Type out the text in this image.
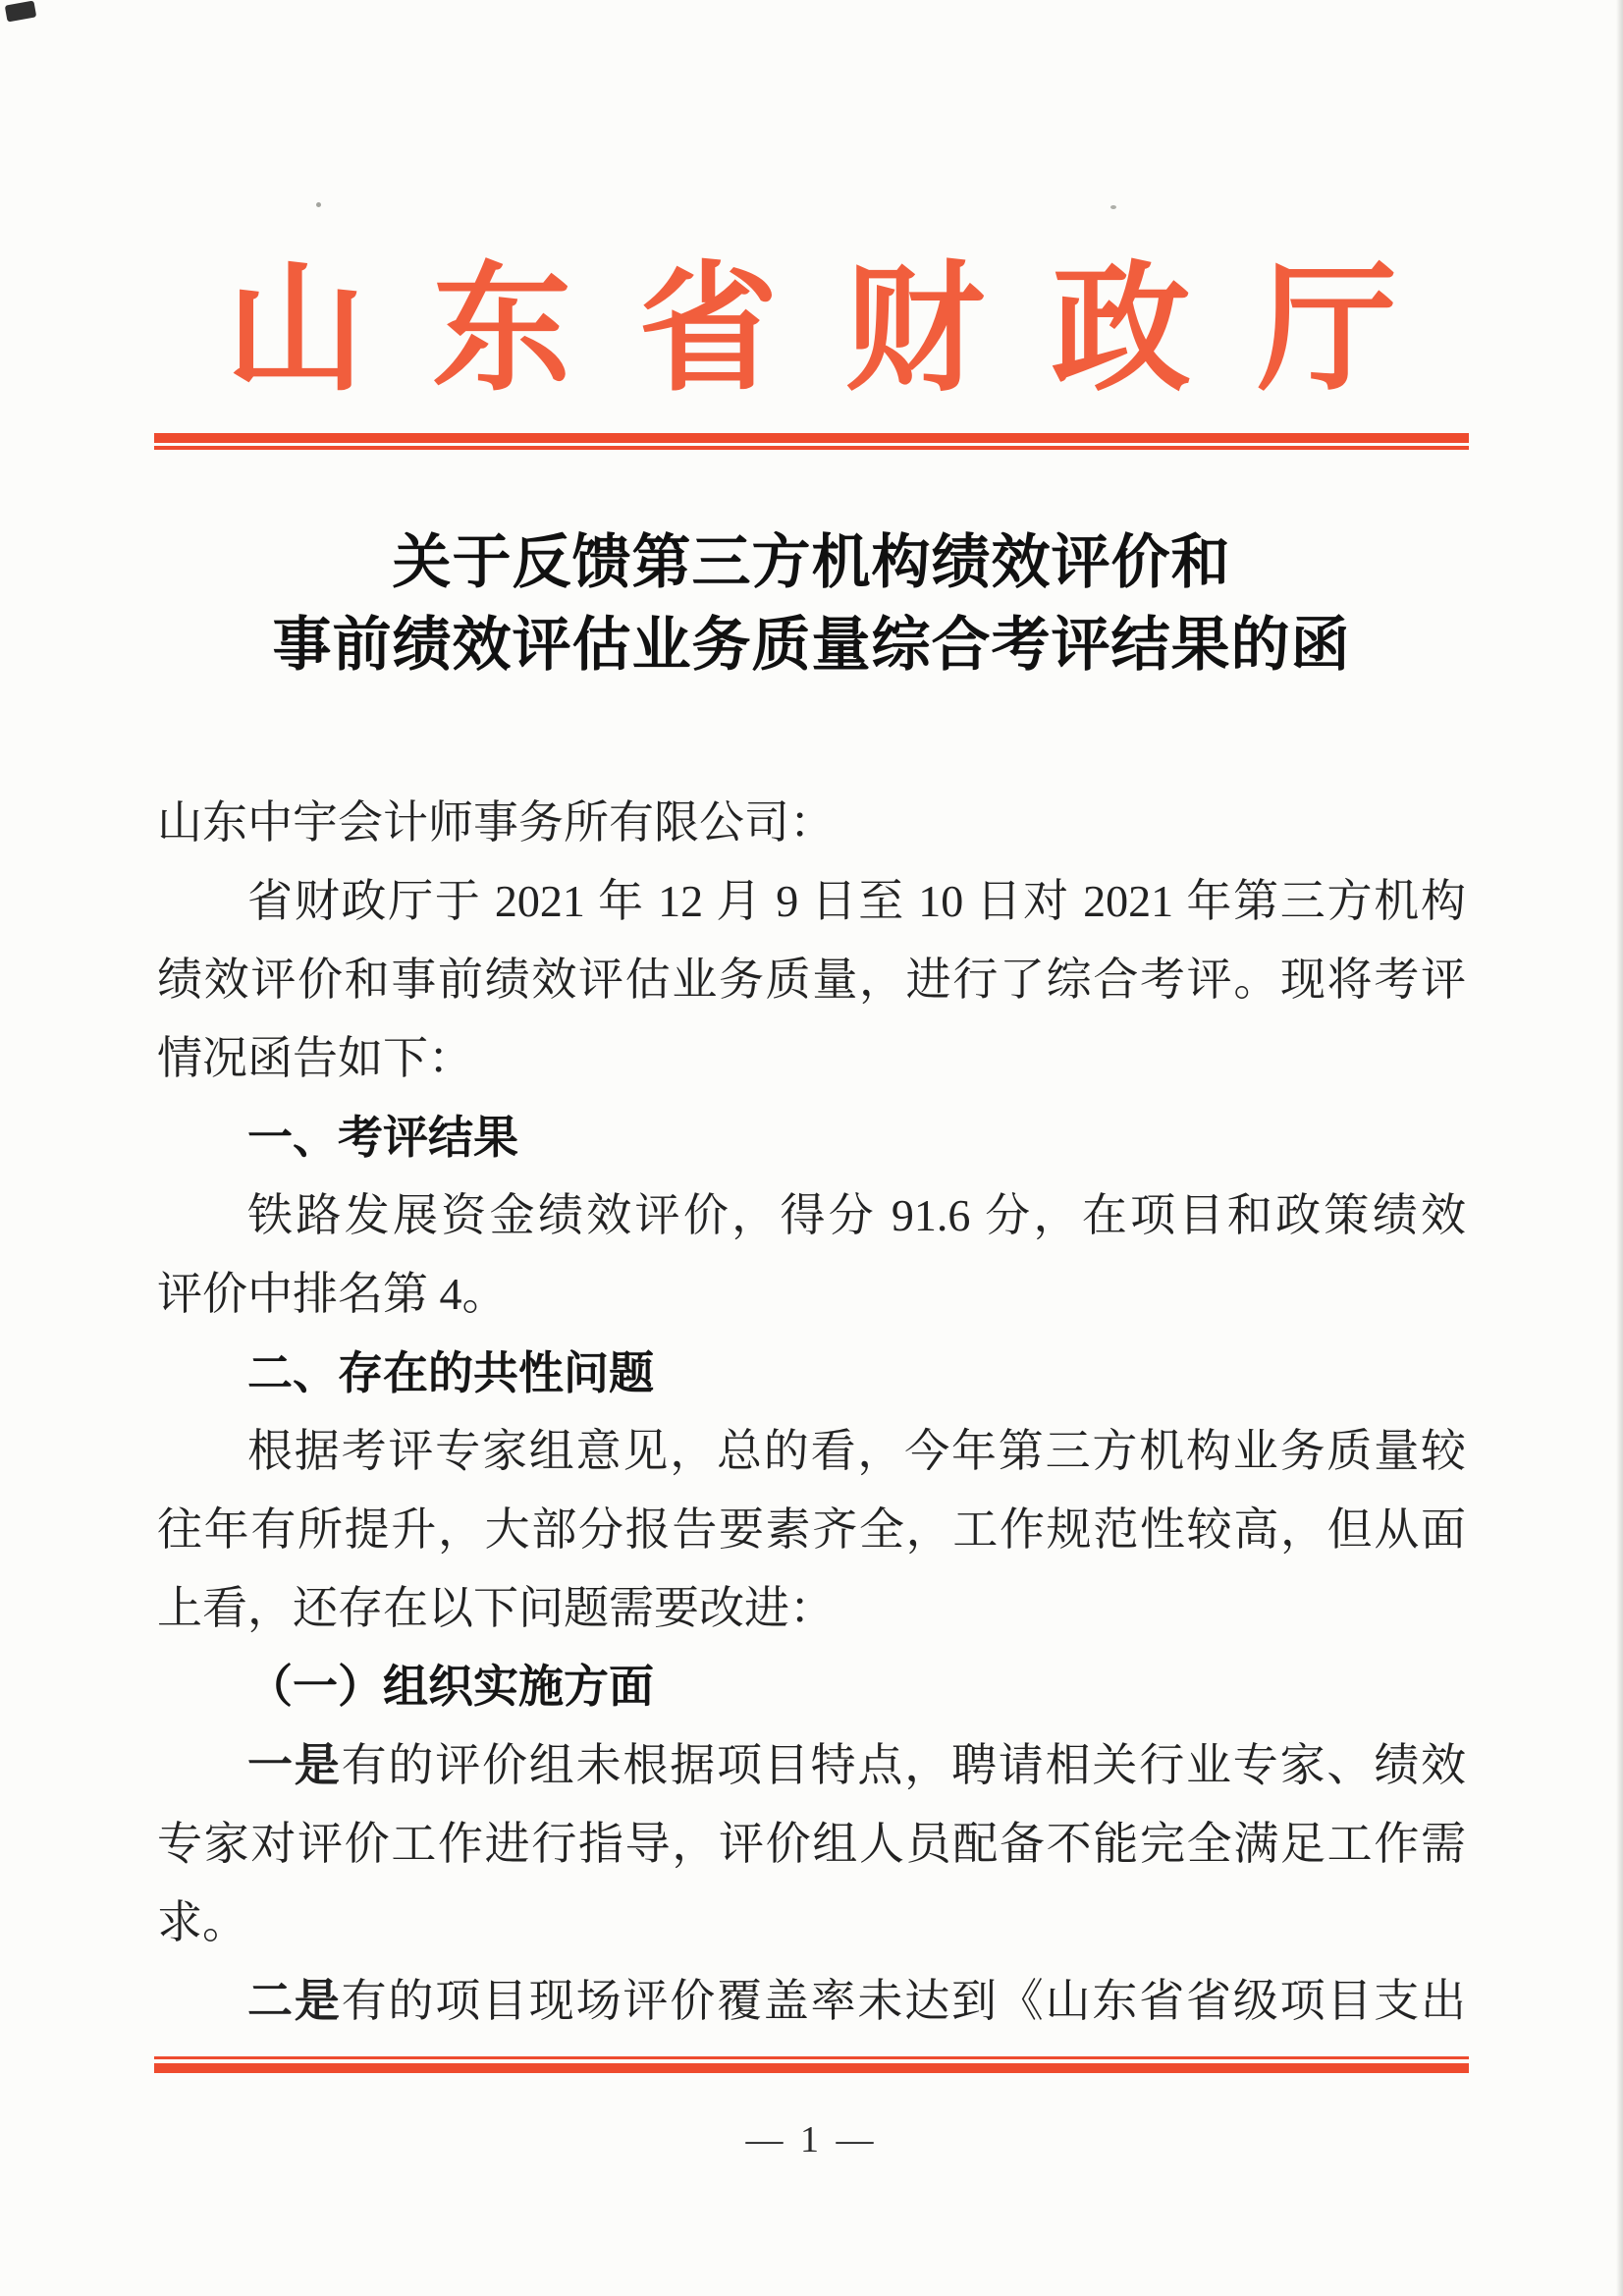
山东省财政厅
关于反馈第三方机构绩效评价和
事前绩效评估业务质量综合考评结果的函
山东中宇会计师事务所有限公司：
省财政厅于 2021 年 12 月 9 日至 10 日对 2021 年第三方机构
绩效评价和事前绩效评估业务质量，进行了综合考评。现将考评
情况函告如下：
一、考评结果
铁路发展资金绩效评价，得分 91.6 分，在项目和政策绩效
评价中排名第 4。
二、存在的共性问题
根据考评专家组意见，总的看，今年第三方机构业务质量较
往年有所提升，大部分报告要素齐全，工作规范性较高，但从面
上看，还存在以下问题需要改进：
（一）组织实施方面
一是有的评价组未根据项目特点，聘请相关行业专家、绩效
专家对评价工作进行指导，评价组人员配备不能完全满足工作需
求。
二是有的项目现场评价覆盖率未达到《山东省省级项目支出
— 1 —
